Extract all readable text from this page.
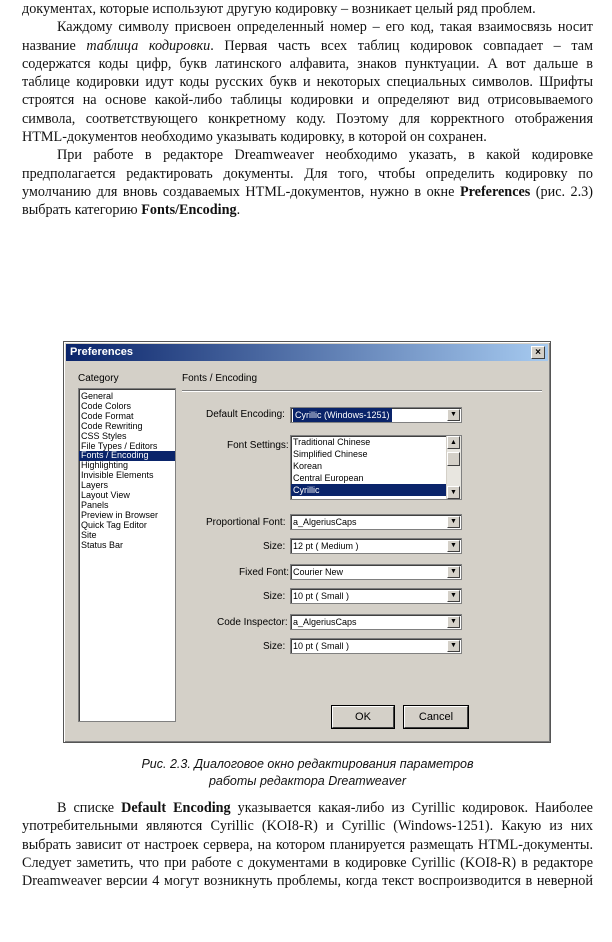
документах, которые используют другую кодировку – возникает целый ряд проблем.

Каждому символу присвоен определенный номер – его код, такая взаимосвязь носит название таблица кодировки. Первая часть всех таблиц кодировок совпадает – там содержатся коды цифр, букв латинского алфавита, знаков пунктуации. А вот дальше в таблице кодировки идут коды русских букв и некоторых специальных символов. Шрифты строятся на основе какой-либо таблицы кодировки и определяют вид отрисовываемого символа, соответствующего конкретному коду. Поэтому для корректного отображения HTML-документов необходимо указывать кодировку, в которой он сохранен.

При работе в редакторе Dreamweaver необходимо указать, в какой кодировке предполагается редактировать документы. Для того, чтобы определить кодировку по умолчанию для вновь создаваемых HTML-документов, нужно в окне Preferences (рис. 2.3) выбрать категорию Fonts/Encoding.

Preferences	×
Category	Fonts / Encoding
General
Code Colors
Code Format
Code Rewriting
CSS Styles
File Types / Editors
Fonts / Encoding
Highlighting
Invisible Elements
Layers
Layout View
Panels
Preview in Browser
Quick Tag Editor
Site
Status Bar
Default Encoding: Cyrillic (Windows-1251)	▼
Font Settings: Traditional Chinese
Simplified Chinese
Korean
Central European
Cyrillic
▲
▼
Proportional Font: a_AlgeriusCaps	▼
Size: 12 pt ( Medium )	▼
Fixed Font: Courier New	▼
Size: 10 pt ( Small )	▼
Code Inspector: a_AlgeriusCaps	▼
Size: 10 pt ( Small )	▼
OK	Cancel
Рис. 2.3. Диалоговое окно редактирования параметров
работы редактора Dreamweaver

В списке Default Encoding указывается какая-либо из Cyrillic кодировок. Наиболее употребительными являются Cyrillic (KOI8-R) и Cyrillic (Windows-1251). Какую из них выбрать зависит от настроек сервера, на котором планируется размещать HTML-документы. Следует заметить, что при работе с документами в кодировке Cyrillic (KOI8-R) в редакторе Dreamweaver версии 4 могут возникнуть проблемы, когда текст воспроизводится в неверной
